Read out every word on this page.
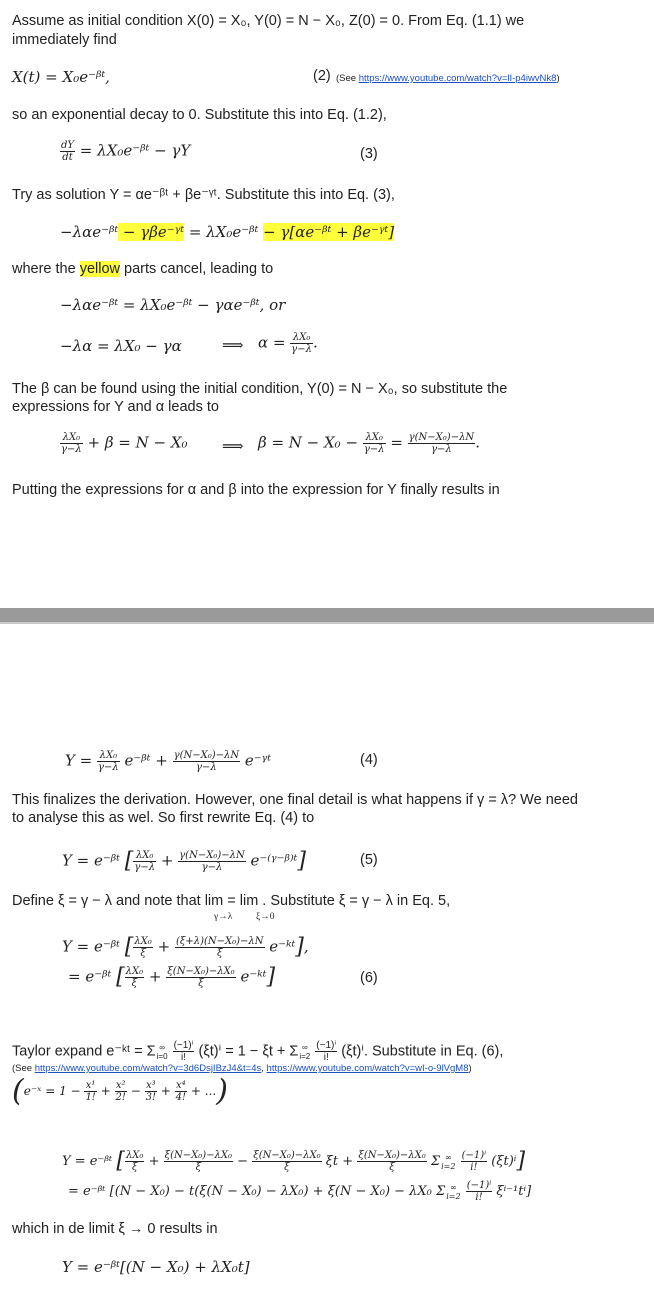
Assume as initial condition X(0) = X₀, Y(0) = N − X₀, Z(0) = 0. From Eq. (1.1) we
immediately find
X(t) = X₀e⁻ᵝᵗ,	(2) (See https://www.youtube.com/watch?v=lI-p4iwvNk8)
so an exponential decay to 0. Substitute this into Eq. (1.2),
$\frac{dY}{dt}$ = λX₀e⁻ᵝᵗ − γY	(3)
Try as solution Y = αe⁻ᵝᵗ + βe⁻ᵞᵗ. Substitute this into Eq. (3),
−λαe⁻ᵝᵗ − γβe⁻ᵞᵗ = λX₀e⁻ᵝᵗ − γ[αe⁻ᵝᵗ + βe⁻ᵞᵗ]
where the yellow parts cancel, leading to
−λαe⁻ᵝᵗ = λX₀e⁻ᵝᵗ − γαe⁻ᵝᵗ, or
−λα = λX₀ − γα	⟹ $\alpha = \frac{\text{λX₀}}{\gamma-\lambda}$ .
The β can be found using the initial condition, Y(0) = N − X₀, so substitute the
expressions for Y and α leads to
$\frac{\text{λX₀}}{\gamma-\lambda} + \beta = N - X_0$ ⟹ $\beta = N - X_0 - \frac{\text{λX₀}}{\gamma-\lambda} = \frac{\text{γ(N−X₀)−λN}}{\gamma-\lambda}$ .
Putting the expressions for α and β into the expression for Y finally results in
$Y = \frac{\text{λX₀}}{\gamma-\lambda}$ e⁻ᵝᵗ + $\frac{\text{γ(N−X₀)−λN}}{\gamma-\lambda}$ e⁻ᵞᵗ	(4)
This finalizes the derivation. However, one final detail is what happens if γ = λ? We need
to analyse this as wel. So first rewrite Eq. (4) to
Y = e⁻ᵝᵗ [ $\frac{\text{λX₀}}{\gamma-\lambda} + \frac{\text{γ(N−X₀)−λN}}{\gamma-\lambda}$ e⁻⁽ᵞ⁻ᵝ⁾ᵗ]	(5)
Define ξ = γ − λ and note that lim = lim . Substitute ξ = γ − λ in Eq. 5,
γ→λ ξ→0
Y = e⁻ᵝᵗ [ $\frac{\text{λX₀}}{\xi} + \frac{\text{(ξ+λ)(N−X₀)−λN}}{\xi}$ e⁻ᵏᵗ],
= e⁻ᵝᵗ [ $\frac{\text{λX₀}}{\xi} + \frac{\text{ξ(N−X₀)−λX₀}}{\xi}$ e⁻ᵏᵗ]	(6)
Taylor expand e⁻ᵏᵗ = Σ ∞
i=0
$\frac{\text{(−1)ⁱ}}{i!} (\xi t)^i = 1 - \xi t + \Sigma$ ∞
i=2
$\frac{\text{(−1)ⁱ}}{i!} (\xi t)^i$. Substitute in Eq. (6),
(See https://www.youtube.com/watch?v=3d6DsjIBzJ4&t=4s, https://www.youtube.com/watch?v=wI-o-9lVgM8)
(e⁻ˣ = $1 - \frac{\text{x¹}}{1!} + \frac{\text{x²}}{2!} - \frac{\text{x³}}{3!} + \frac{\text{x⁴}}{4!}$ + ...)
Y = e⁻ᵝᵗ [ $\frac{\text{λX₀}}{\xi} + \frac{\text{ξ(N−X₀)−λX₀}}{\xi} - \frac{\text{ξ(N−X₀)−λX₀}}{\xi}$ $\xi t + \frac{\text{ξ(N−X₀)−λX₀}}{\xi}$ Σ ∞
i=2
$\frac{\text{(−1)ⁱ}}{i!} (\xi t)^i$]
= e⁻ᵝᵗ [(N − X₀) − t(ξ(N − X₀) − λX₀) + ξ(N − X₀) − λX₀ Σ ∞
i=2
$\frac{\text{(−1)ⁱ}}{i!} \xi^{i-1}t^i$]
which in de limit ξ → 0 results in
Y = e⁻ᵝᵗ[(N − X₀) + λX₀t]
